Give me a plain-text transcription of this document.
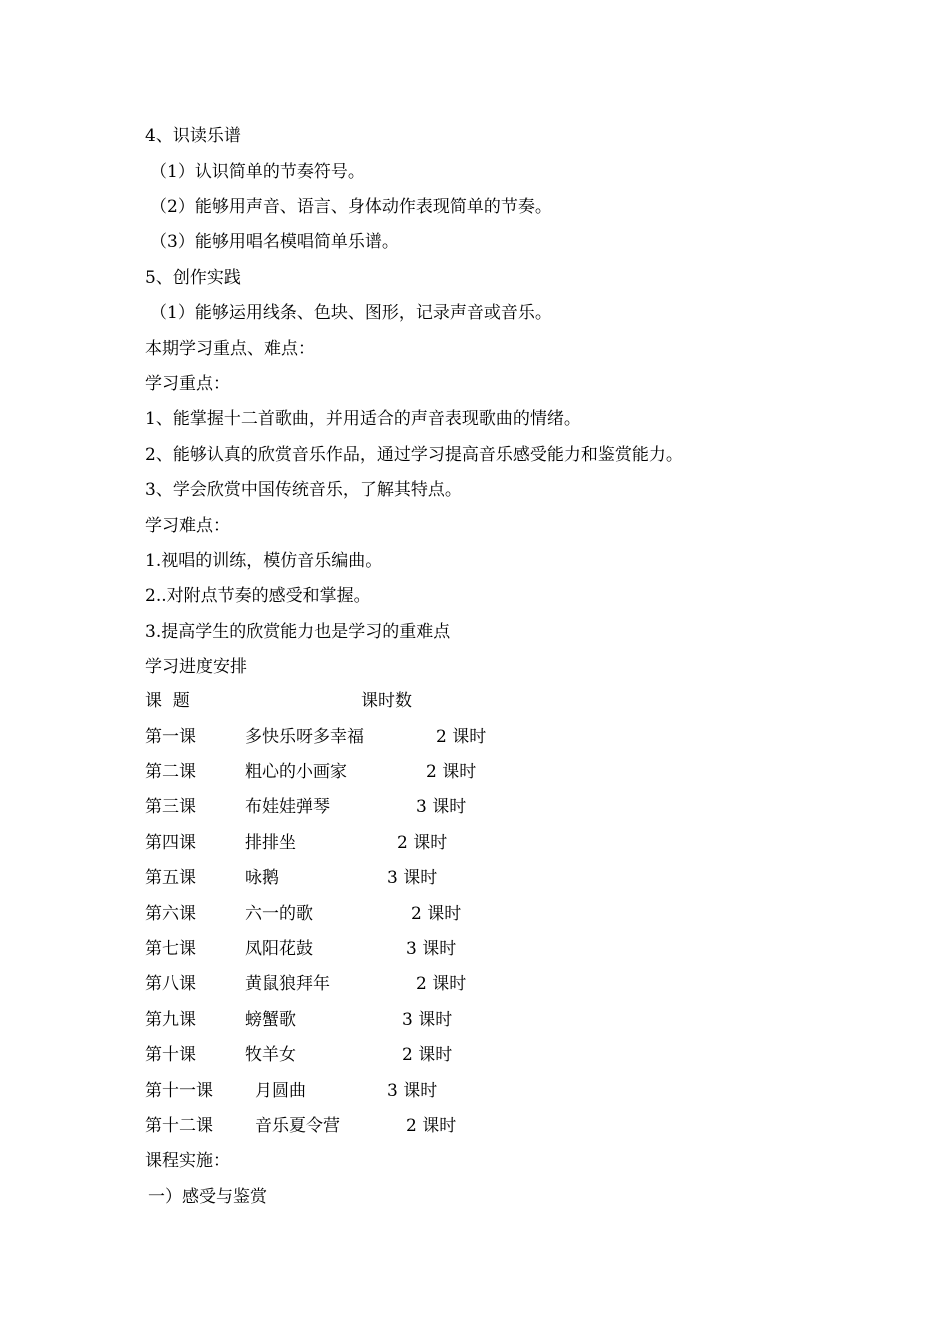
4、识读乐谱
（1）认识简单的节奏符号。
（2）能够用声音、语言、身体动作表现简单的节奏。
（3）能够用唱名模唱简单乐谱。
5、创作实践
（1）能够运用线条、色块、图形，记录声音或音乐。
本期学习重点、难点：
学习重点：
1、能掌握十二首歌曲，并用适合的声音表现歌曲的情绪。
2、能够认真的欣赏音乐作品，通过学习提高音乐感受能力和鉴赏能力。
3、学会欣赏中国传统音乐，了解其特点。
学习难点：
1.视唱的训练，模仿音乐编曲。
2..对附点节奏的感受和掌握。
3.提高学生的欣赏能力也是学习的重难点
学习进度安排
课  题	课时数
第一课	多快乐呀多幸福	2 课时
第二课	粗心的小画家	2 课时
第三课	布娃娃弹琴	3 课时
第四课	排排坐	2 课时
第五课	咏鹅	3 课时
第六课	六一的歌	2 课时
第七课	凤阳花鼓	3 课时
第八课	黄鼠狼拜年	2 课时
第九课	螃蟹歌	3 课时
第十课	牧羊女	2 课时
第十一课 月圆曲	3 课时
第十二课 音乐夏令营	2 课时
课程实施：
一）感受与鉴赏
